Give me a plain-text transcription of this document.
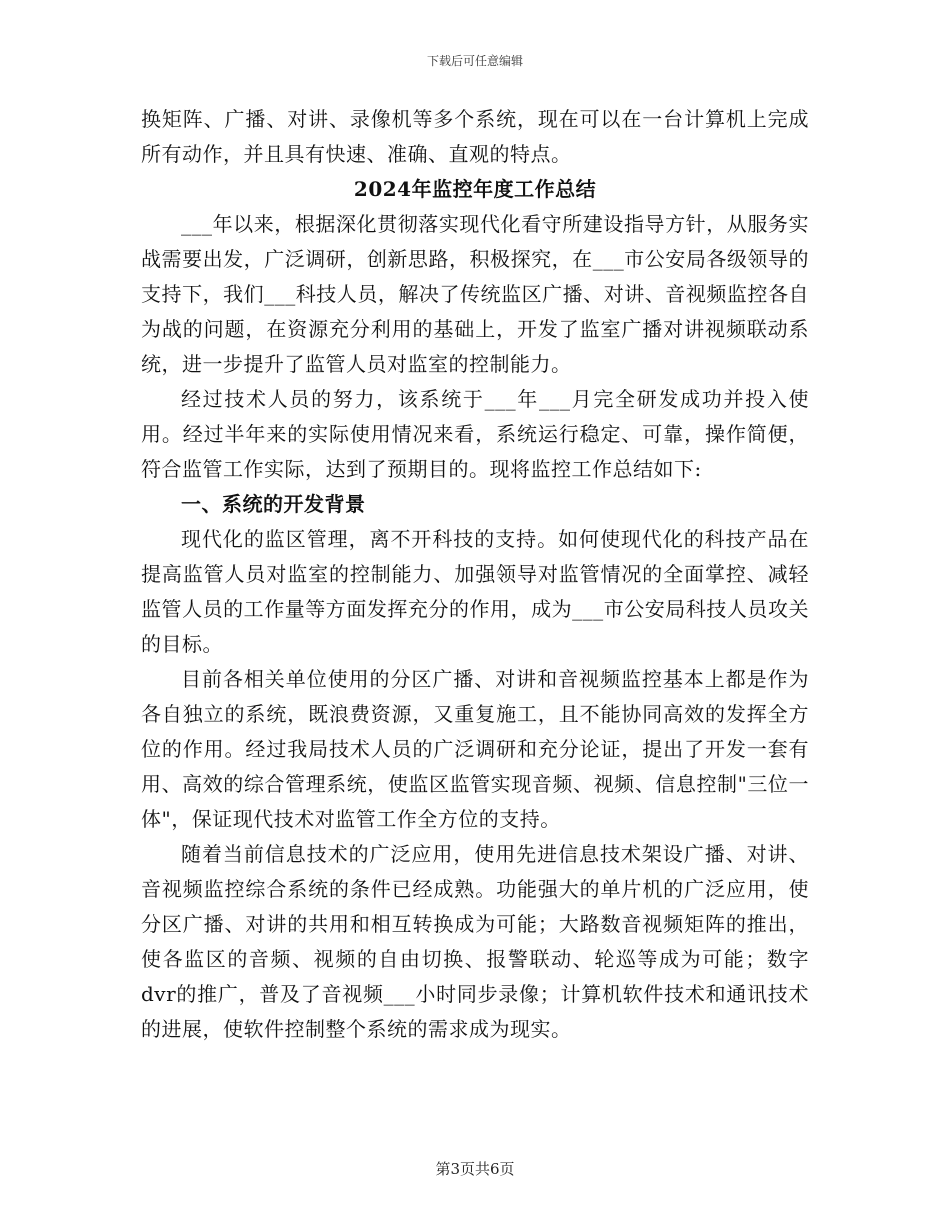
下载后可任意编辑

换矩阵、广播、对讲、录像机等多个系统，现在可以在一台计算机上完成所有动作，并且具有快速、准确、直观的特点。

2024年监控年度工作总结

___年以来，根据深化贯彻落实现代化看守所建设指导方针，从服务实战需要出发，广泛调研，创新思路，积极探究，在___市公安局各级领导的支持下，我们___科技人员，解决了传统监区广播、对讲、音视频监控各自为战的问题，在资源充分利用的基础上，开发了监室广播对讲视频联动系统，进一步提升了监管人员对监室的控制能力。

经过技术人员的努力，该系统于___年___月完全研发成功并投入使用。经过半年来的实际使用情况来看，系统运行稳定、可靠，操作简便，符合监管工作实际，达到了预期目的。现将监控工作总结如下:

一、系统的开发背景

现代化的监区管理，离不开科技的支持。如何使现代化的科技产品在提高监管人员对监室的控制能力、加强领导对监管情况的全面掌控、减轻监管人员的工作量等方面发挥充分的作用，成为___市公安局科技人员攻关的目标。

目前各相关单位使用的分区广播、对讲和音视频监控基本上都是作为各自独立的系统，既浪费资源，又重复施工，且不能协同高效的发挥全方位的作用。经过我局技术人员的广泛调研和充分论证，提出了开发一套有用、高效的综合管理系统，使监区监管实现音频、视频、信息控制"三位一体"，保证现代技术对监管工作全方位的支持。

随着当前信息技术的广泛应用，使用先进信息技术架设广播、对讲、音视频监控综合系统的条件已经成熟。功能强大的单片机的广泛应用，使分区广播、对讲的共用和相互转换成为可能；大路数音视频矩阵的推出，使各监区的音频、视频的自由切换、报警联动、轮巡等成为可能；数字dvr的推广，普及了音视频___小时同步录像；计算机软件技术和通讯技术的进展，使软件控制整个系统的需求成为现实。

第3页共6页
